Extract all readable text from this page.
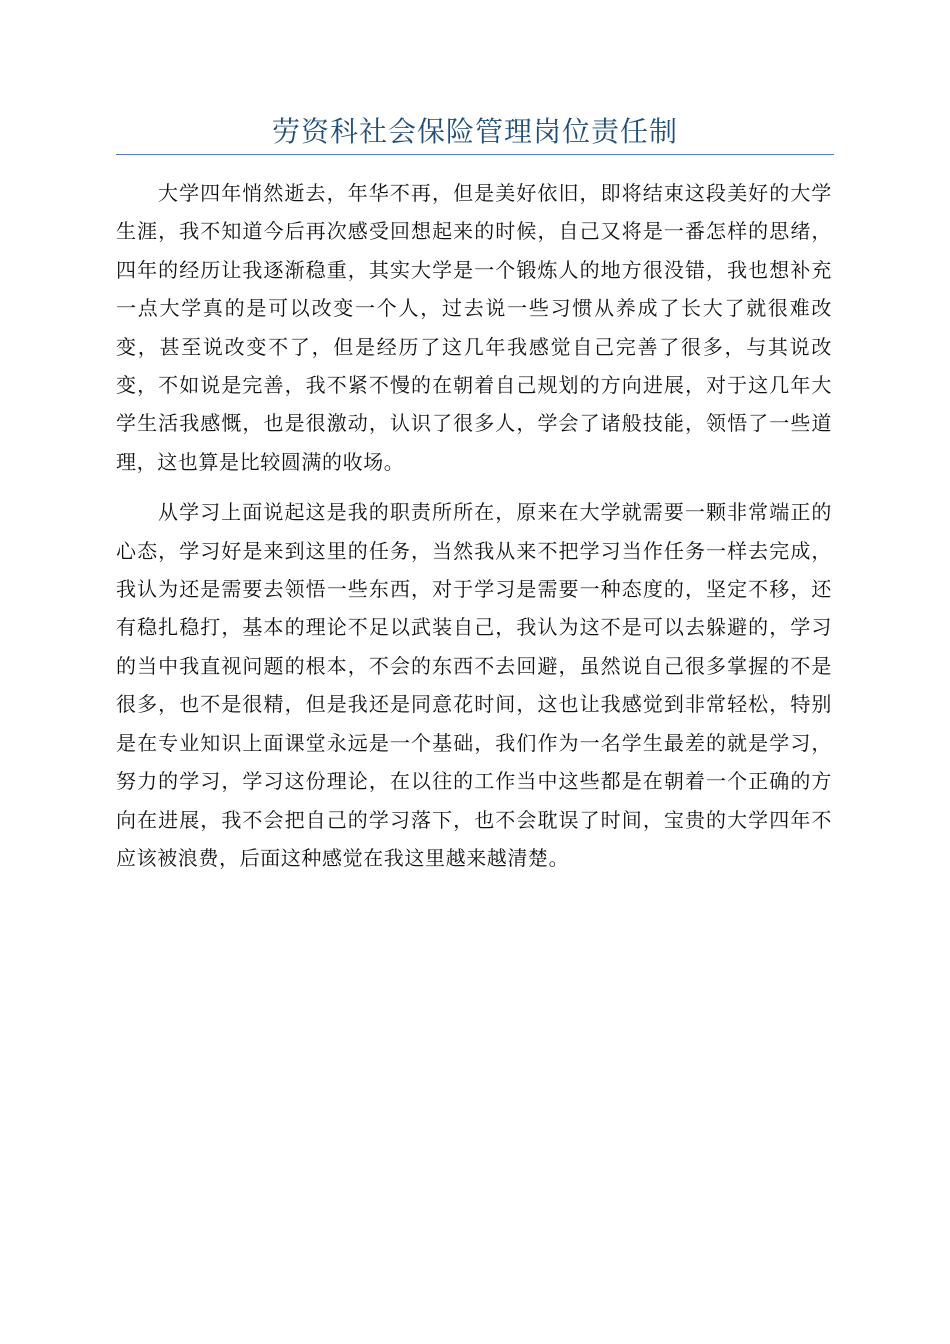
劳资科社会保险管理岗位责任制

大学四年悄然逝去，年华不再，但是美好依旧，即将结束这段美好的大学生涯，我不知道今后再次感受回想起来的时候，自己又将是一番怎样的思绪，四年的经历让我逐渐稳重，其实大学是一个锻炼人的地方很没错，我也想补充一点大学真的是可以改变一个人，过去说一些习惯从养成了长大了就很难改变，甚至说改变不了，但是经历了这几年我感觉自己完善了很多，与其说改变，不如说是完善，我不紧不慢的在朝着自己规划的方向进展，对于这几年大学生活我感慨，也是很激动，认识了很多人，学会了诸般技能，领悟了一些道理，这也算是比较圆满的收场。

从学习上面说起这是我的职责所所在，原来在大学就需要一颗非常端正的心态，学习好是来到这里的任务，当然我从来不把学习当作任务一样去完成，我认为还是需要去领悟一些东西，对于学习是需要一种态度的，坚定不移，还有稳扎稳打，基本的理论不足以武装自己，我认为这不是可以去躲避的，学习的当中我直视问题的根本，不会的东西不去回避，虽然说自己很多掌握的不是很多，也不是很精，但是我还是同意花时间，这也让我感觉到非常轻松，特别是在专业知识上面课堂永远是一个基础，我们作为一名学生最差的就是学习，努力的学习，学习这份理论，在以往的工作当中这些都是在朝着一个正确的方向在进展，我不会把自己的学习落下，也不会耽误了时间，宝贵的大学四年不应该被浪费，后面这种感觉在我这里越来越清楚。
